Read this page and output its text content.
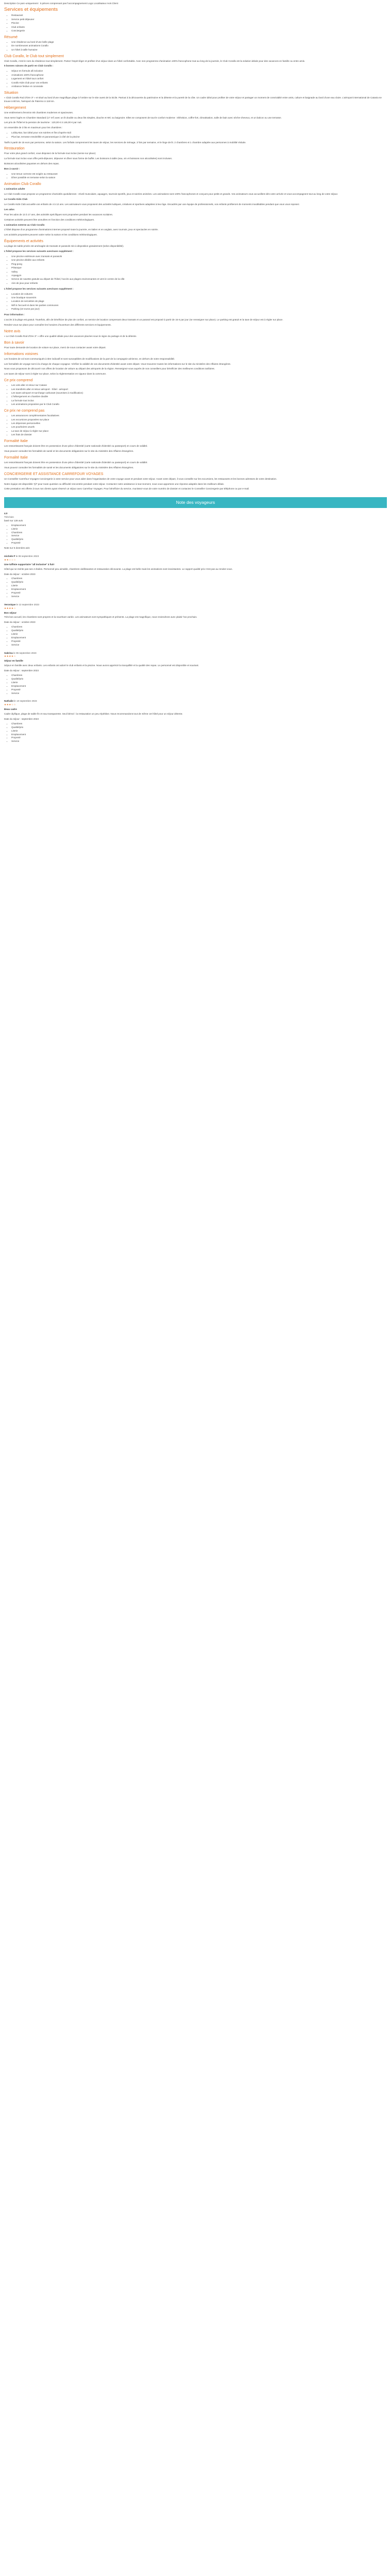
Description Ce parc-uniquement : 5 pièces comprenant pas l'accompagnement Logo Localisateur Avis Client
Services et équipements
• Restaurant
• Service petit déjeuner
• Piscine
• Club enfants
• Conciergerie
Résumé
• Une résidence au bord d'une belle plage
• De nombreuses animations Corallo
• Un hôtel à taille humaine
Club Corallo, le Club tout simplement

Club Corallo, c'est le nom du résidence tout simplement. Partez l'esprit léger et profitez d'un séjour dans un hôtel confortable. Avec son programme d'animation 100% francophone tout au long de la journée, le Club Corallo est la solution idéale pour des vacances en famille ou entre amis.

5 bonnes raisons de partir en Club Corallo :

• Séjour en formule all inclusive
• Animations 100% francophone
• Logement en hôtel tout confort
• Corallo Kids Club pour vos enfants
• Ambiance festive et conviviale
Situation

« Club Corallo Rod d'Ore 3* » et situé au bord d'une magnifique plage à l'ombre sur le site ouest de la Sicile. Partout à la découverte du patrimoine et la détente et la pureté de la côte. Un cadre idéal pour profiter de votre séjour et partager un moment de convivialité entre amis, culture et baignade au bord d'une eau claire. L'aéroport international de Catania se trouve à 80 km, l'aéroport de Palermo à 115 km.

Hébergement

Une entièrement d'environ 80 chambres modernes et spacieuses.

Vous serez logés en Chambre Standard (17 m²) avec un lit double ou deux lits simples, douche et WC ou baignoire. Elles se composent de tout le confort moderne : télévision, coffre-fort, climatisation, salle de bain avec sèche-cheveux, et un balcon ou une terrasse.

Les prix de l'hôtel et la pension de tourisme : 120,00 € à 146,00 € par nuit.

Un ensemble de 3 lits en maximum pour les chambres :

• Lobby-Bar, bar idéal pour vos soirées et fins d'après-midi
• Plus bar, terrasse ensoleillée et panoramique à côté de la piscine

Tarifs à partir de 15 euro par personne, selon la saison. Les forfaits comprennent les taxes de séjour, les services de ménage, 3 fois par semaine, et le linge de lit. 2 chambres et 1 chambre adaptée aux personnes à mobilité réduite.

Restauration

Pour votre plus grand confort, vous disposez de la formule tout inclus (servie sur place)

La formule tout inclus vous offre petit-déjeuner, déjeuner et dîner sous forme de buffet. Les boissons à table (eau, vin et boissons non alcoolisées) sont incluses.

Boissons alcoolisées payantes en dehors des repas.

Bon à savoir :

• Une tenue correcte est exigée au restaurant
• Dîner possible en terrasse selon la saison
Animation Club Corallo

L'animation adulte

Le Club Corallo vous propose un programme d'activités quotidiennes : réveil musculaire, aquagym, tournois sportifs, jeux et soirées animées. Les animations sont 100% francophones et conçues pour petits et grands. Vos animateurs vous accueillent dès votre arrivée et vous accompagnent tout au long de votre séjour.

Le Corallo Kids Club

Le Corallo Kids Club accueille vos enfants de 4 à 12 ans. Les animateurs vous proposent des activités ludiques, créatives et sportives adaptées à leur âge. Encadrés par une équipe de professionnels, vos enfants profiteront de moments inoubliables pendant que vous vous reposez.

Les ados

Pour les ados de 13 à 17 ans, des activités spécifiques sont proposées pendant les vacances scolaires.

Certaines activités peuvent être annulées en fonction des conditions météorologiques.

L'animation externe au Club Corallo

L'hôtel dispose d'un programme d'animations internes proposé toute la journée, en italien et en anglais, avec tournois, jeux et spectacles en soirée.

Les activités proposées peuvent varier selon la saison et les conditions météorologiques.

Équipements et activités

La plage de sable privée est aménagée de transats et parasols mis à disposition gratuitement (selon disponibilité).

L'hôtel propose les services suivants avec/sans supplément :

• Une piscine extérieure avec transats et parasols
• Une piscine dédiée aux enfants
• Ping-pong
• Pétanque
• Volley
• Aquagym
• Service de navette gratuite au départ de l'hôtel, l'accès aux plages environnantes et vers le centre de la ville
• Aire de jeux pour enfants

L'hôtel propose les services suivants avec/sans supplément :

• Location de voitures
• Une boutique souvenirs
• Location de serviettes de plage
• Wifi à l'accueil et dans les parties communes
• Parking (10 euros par jour)

Pour information :

L'accès à la plage est gratuit. Toutefois, afin de bénéficier de plus de confort, un service de location comprenant deux transats et un parasol est proposé à partir de 15 € par jour (se renseigner sur place). Le parking est gratuit et la taxe de séjour est à régler sur place.

Rendez-vous sur place pour connaître les horaires d'ouverture des différents services et équipements.

Notre avis

« Le Club Corallo Rod d'Ore 3* » offre une qualité idéale pour des vacances placées sous le signe du partage et de la détente.

Bon à savoir

Pour toute demande de location de voiture sur place, merci de nous contacter avant votre départ.

Informations voisines

Les horaires de vol sont communiqués à titre indicatif et sont susceptibles de modifications de la part de la compagnie aérienne, en dehors de notre responsabilité.

Les formalités de voyage sont à la charge de chaque voyageur. Vérifiez la validité de vos documents d'identité avant votre départ. Vous trouverez toutes les informations sur le site du ministère des Affaires étrangères.

Nous vous proposons de découvrir nos offres de location de voiture au départ des aéroports de la région. Renseignez-vous auprès de nos conseillers pour bénéficier des meilleures conditions tarifaires.

Les taxes de séjour sont à régler sur place, selon la réglementation en vigueur dans la commune.

Ce prix comprend
• Les vols aller et retour sur Catane
• Les transferts aller et retour aéroport - hôtel - aéroport
• Les taxes aéroport et surcharge carburant (soumises à modification)
• L'hébergement en chambre double
• La formule tout inclus
• Les animations proposées par le Club Corallo
Ce prix ne comprend pas
• Les assurances complémentaires facultatives
• Les excursions proposées sur place
• Les dépenses personnelles
• Les pourboires usuels
• La taxe de séjour à régler sur place
• Les frais de dossier
Formalité Italie

Les ressortissants français doivent être en possession d'une pièce d'identité (carte nationale d'identité ou passeport) en cours de validité.

Vous pouvez consulter les formalités de santé et les documents obligatoires sur le site du ministère des Affaires étrangères.

Formalité Italie

Les ressortissants français doivent être en possession d'une pièce d'identité (carte nationale d'identité ou passeport) en cours de validité.

Vous pouvez consulter les formalités de santé et les documents obligatoires sur le site du ministère des Affaires étrangères.

CONCIERGERIE ET ASSISTANCE CARREFOUR VOYAGES

Un Conseiller Carrefour Voyages Conciergerie à votre service pour vous aider dans l'organisation de votre voyage avant et pendant votre séjour. Avant votre départ, il vous conseille sur les excursions, les restaurants et les bonnes adresses de votre destination.

Notre équipe est disponible 7j/7 pour toute question ou difficulté rencontrée pendant votre séjour. Contactez notre assistance à tout moment, nous vous apportons une réponse adaptée dans les meilleurs délais.

Cette prestation est offerte à tous nos clients ayant réservé un séjour avec Carrefour Voyages. Pour bénéficier du service, munissez-vous de votre numéro de dossier et contactez le Conseiller Conciergerie par téléphone ou par e-mail.

Note des voyageurs
4.0
Très bien
basé sur 128 avis
• Emplacement
• Literie
• Chambres
• Service
• Qualité/prix
• Propreté
Note sur 5 données avis
michele P le 08 septembre 2023
★★☆☆☆
Une tuffmie supportaire "all inclusive" à fuir!

Hôtel qui ne mérite pas ses 4 étoiles. Personnel peu aimable, chambres vieillissantes et restauration décevante. La plage est belle mais les animations sont inexistantes. Le rapport qualité prix n'est pas au rendez-vous.

Date du séjour : octobre 2023
• Chambres
• Qualité/prix
• Literie
• Emplacement
• Propreté
• Service
Veronique le 13 septembre 2023
★★★★☆
Bon séjour

Très bon accueil, les chambres sont propres et la nourriture variée. Les animateurs sont sympathiques et présents. La plage est magnifique, nous reviendrons avec plaisir l'an prochain.

Date du séjour : octobre 2023
• Chambres
• Qualité/prix
• Literie
• Emplacement
• Propreté
• Service
Sabrina le 06 septembre 2023
★★★★☆
Séjour en famille

Séjour en famille avec deux enfants. Les enfants ont adoré le club enfants et la piscine. Nous avons apprécié la tranquillité et la qualité des repas. Le personnel est disponible et souriant.

Date du séjour : septembre 2023
• Chambres
• Qualité/prix
• Literie
• Emplacement
• Propreté
• Service
Nathalie le 10 septembre 2023
★★★☆☆
Beau cadre

Cadre idyllique, plage de sable fin et eau transparente. Seul bémol : la restauration un peu répétitive. Nous recommandons tout de même cet hôtel pour un séjour détente.

Date du séjour : septembre 2023
• Chambres
• Qualité/prix
• Literie
• Emplacement
• Propreté
• Service
